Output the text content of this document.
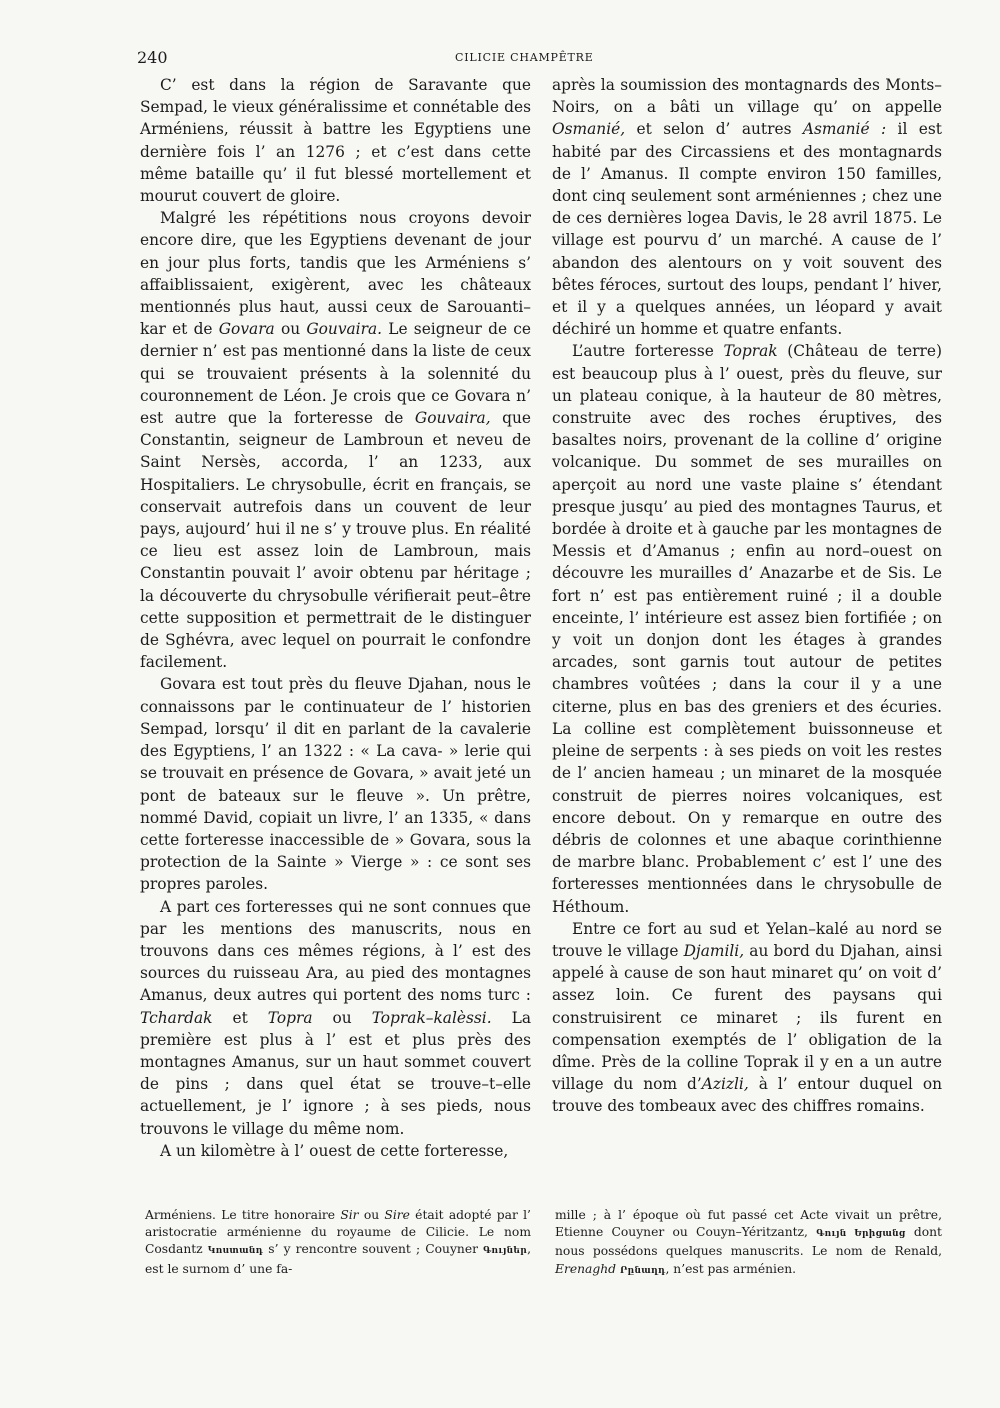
240	CILICIE CHAMPÊTRE

C’ est dans la région de Saravante que Sempad, le vieux généralissime et connétable des Arméniens, réussit à battre les Egyptiens une dernière fois l’ an 1276 ; et c’est dans cette même bataille qu’ il fut blessé mortellement et mourut couvert de gloire.

Malgré les répétitions nous croyons devoir encore dire, que les Egyptiens devenant de jour en jour plus forts, tandis que les Arméniens s’ affaiblissaient, exigèrent, avec les châteaux mentionnés plus haut, aussi ceux de Sarouanti–kar et de Govara ou Gouvaira. Le seigneur de ce dernier n’ est pas mentionné dans la liste de ceux qui se trouvaient présents à la solennité du couronnement de Léon. Je crois que ce Govara n’ est autre que la forteresse de Gouvaira, que Constantin, seigneur de Lambroun et neveu de Saint Nersès, accorda, l’ an 1233, aux Hospitaliers. Le chrysobulle, écrit en français, se conservait autrefois dans un couvent de leur pays, aujourd’ hui il ne s’ y trouve plus. En réalité ce lieu est assez loin de Lambroun, mais Constantin pouvait l’ avoir obtenu par héritage ; la découverte du chrysobulle vérifierait peut–être cette supposition et permettrait de le distinguer de Sghévra, avec lequel on pourrait le confondre facilement.

Govara est tout près du fleuve Djahan, nous le connaissons par le continuateur de l’ historien Sempad, lorsqu’ il dit en parlant de la cavalerie des Egyptiens, l’ an 1322 : « La cava- » lerie qui se trouvait en présence de Govara, » avait jeté un pont de bateaux sur le fleuve ». Un prêtre, nommé David, copiait un livre, l’ an 1335, « dans cette forteresse inaccessible de » Govara, sous la protection de la Sainte » Vierge » : ce sont ses propres paroles.

A part ces forteresses qui ne sont connues que par les mentions des manuscrits, nous en trouvons dans ces mêmes régions, à l’ est des sources du ruisseau Ara, au pied des montagnes Amanus, deux autres qui portent des noms turc : Tchardak et Topra ou Toprak–kalèssi. La première est plus à l’ est et plus près des montagnes Amanus, sur un haut sommet couvert de pins ; dans quel état se trouve–t–elle actuellement, je l’ ignore ; à ses pieds, nous trouvons le village du même nom.

A un kilomètre à l’ ouest de cette forteresse,

après la soumission des montagnards des Monts–Noirs, on a bâti un village qu’ on appelle Osmanié, et selon d’ autres Asmanié : il est habité par des Circassiens et des montagnards de l’ Amanus. Il compte environ 150 familles, dont cinq seulement sont arméniennes ; chez une de ces dernières logea Davis, le 28 avril 1875. Le village est pourvu d’ un marché. A cause de l’ abandon des alentours on y voit souvent des bêtes féroces, surtout des loups, pendant l’ hiver, et il y a quelques années, un léopard y avait déchiré un homme et quatre enfants.

L’autre forteresse Toprak (Château de terre) est beaucoup plus à l’ ouest, près du fleuve, sur un plateau conique, à la hauteur de 80 mètres, construite avec des roches éruptives, des basaltes noirs, provenant de la colline d’ origine volcanique. Du sommet de ses murailles on aperçoit au nord une vaste plaine s’ étendant presque jusqu’ au pied des montagnes Taurus, et bordée à droite et à gauche par les montagnes de Messis et d’Amanus ; enfin au nord–ouest on découvre les murailles d’ Anazarbe et de Sis. Le fort n’ est pas entièrement ruiné ; il a double enceinte, l’ intérieure est assez bien fortifiée ; on y voit un donjon dont les étages à grandes arcades, sont garnis tout autour de petites chambres voûtées ; dans la cour il y a une citerne, plus en bas des greniers et des écuries. La colline est complètement buissonneuse et pleine de serpents : à ses pieds on voit les restes de l’ ancien hameau ; un minaret de la mosquée construit de pierres noires volcaniques, est encore debout. On y remarque en outre des débris de colonnes et une abaque corinthienne de marbre blanc. Probablement c’ est l’ une des forteresses mentionnées dans le chrysobulle de Héthoum.

Entre ce fort au sud et Yelan–kalé au nord se trouve le village Djamili, au bord du Djahan, ainsi appelé à cause de son haut minaret qu’ on voit d’ assez loin. Ce furent des paysans qui construisirent ce minaret ; ils furent en compensation exemptés de l’ obligation de la dîme. Près de la colline Toprak il y en a un autre village du nom d’Azizli, à l’ entour duquel on trouve des tombeaux avec des chiffres romains.

Arméniens. Le titre honoraire Sir ou Sire était adopté par l’ aristocratie arménienne du royaume de Cilicie. Le nom Cosdantz Կոստանդ s’ y rencontre souvent ; Couyner Գույներ, est le surnom d’ une fa-

mille ; à l’ époque où fut passé cet Acte vivait un prêtre, Etienne Couyner ou Couyn–Yéritzantz, Գույն Երիցանց dont nous possédons quelques manuscrits. Le nom de Renald, Erenaghd Րընաղդ, n’est pas arménien.
